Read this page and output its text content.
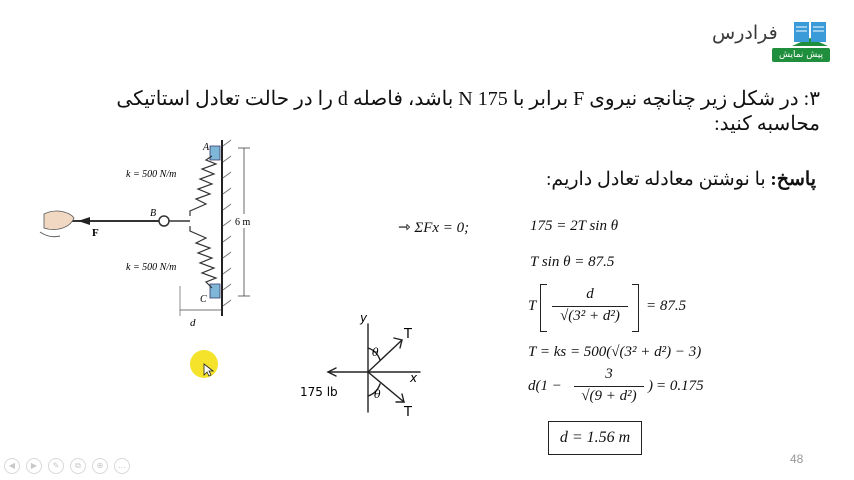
فرادرس
پیش نمایش
۳: در شکل زیر چنانچه نیروی F برابر با 175 N باشد، فاصله d را در حالت تعادل استاتیکی محاسبه کنید:
پاسخ: با نوشتن معادله تعادل داریم:
6 m
d
k = 500 N/m
k = 500 N/m
A
B
C
F
y
x
T
T
θ
θ
175 lb
⇾ ΣFx = 0;	175 = 2T sin θ
T sin θ = 87.5
T
d
√(3² + d²)
= 87.5
T = ks = 500(√(3² + d²) − 3)
d(1 −
3
√(9 + d²)
) = 0.175
d = 1.56 m
48
◀	▶	✎	⧉	⊕	…
